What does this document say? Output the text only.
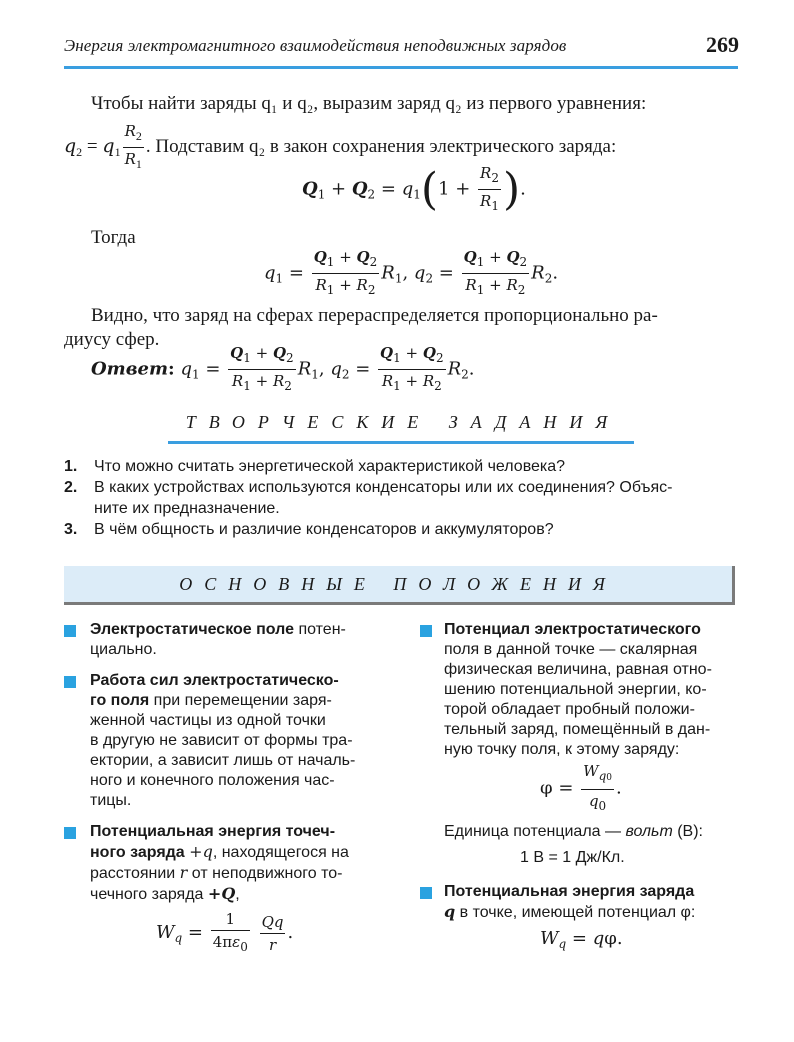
Энергия электромагнитного взаимодействия неподвижных зарядов	269
Чтобы найти заряды q₁ и q₂, выразим заряд q₂ из первого уравнения:
$q_2 = q_1 \frac{R_2}{R_1}$ . Подставим q₂ в закон сохранения электрического заряда:
$Q_1 + Q_2 = q_1(1 + \frac{R_2}{R_1}$ ).
Тогда
$q_1 = \frac{Q_1 + Q_2}{R_1 + R_2} R_1$, $q_2 = \frac{Q_1 + Q_2}{R_1 + R_2} R_2$.
Видно, что заряд на сферах перераспределяется пропорционально ра-
диусу сфер.
Ответ: $q_1 = \frac{Q_1 + Q_2}{R_1 + R_2} R_1$, $q_2 = \frac{Q_1 + Q_2}{R_1 + R_2} R_2$.
ТВОРЧЕСКИЕ ЗАДАНИЯ
1. Что можно считать энергетической характеристикой человека?
2. В каких устройствах используются конденсаторы или их соединения? Объяс-
ните их предназначение.
3. В чём общность и различие конденсаторов и аккумуляторов?
ОСНОВНЫЕ ПОЛОЖЕНИЯ
Электростатическое поле потен-
циально.
Работа сил электростатическо-
го поля при перемещении заря-
женной частицы из одной точки
в другую не зависит от формы тра-
ектории, а зависит лишь от началь-
ного и конечного положения час-
тицы.
Потенциальная энергия точеч-
ного заряда +q, находящегося на
расстоянии r от неподвижного то-
чечного заряда +Q,
$W_q = \frac{1}{4\pi\varepsilon_0}$
$\frac{Qq}{r}$ .
Потенциал электростатического
поля в данной точке — скалярная
физическая величина, равная отно-
шению потенциальной энергии, ко-
торой обладает пробный положи-
тельный заряд, помещённый в дан-
ную точку поля, к этому заряду:
$\varphi = \frac{W_{q0}}{q_0}$ .
Единица потенциала — вольт (В):
1 В = 1 Дж/Кл.
Потенциальная энергия заряда
q в точке, имеющей потенциал φ:
$W_q = q\varphi$.
